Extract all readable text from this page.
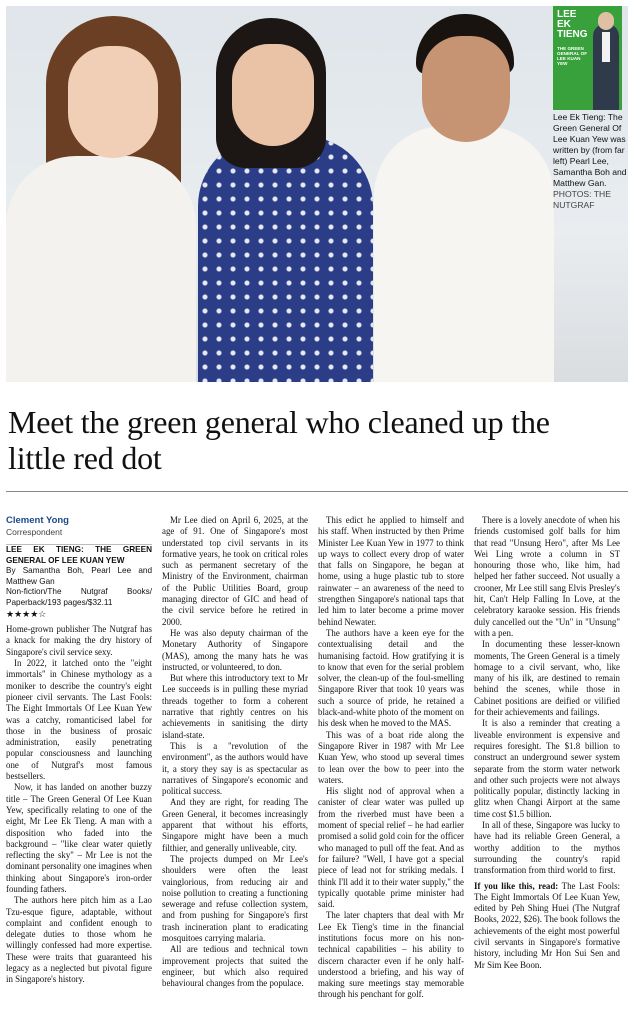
LEE
EK
TIENG
THE GREEN GENERAL OF LEE KUAN YEW
Lee Ek Tieng: The Green General Of Lee Kuan Yew was written by (from far left) Pearl Lee, Samantha Boh and Matthew Gan. PHOTOS: THE NUTGRAF
Meet the green general who cleaned up the little red dot

Clement Yong

Correspondent

LEE EK TIENG: THE GREEN GENERAL OF LEE KUAN YEW

By Samantha Boh, Pearl Lee and Matthew Gan

Non-fiction/The Nutgraf Books/ Paperback/193 pages/$32.11

★★★★☆

Home-grown publisher The Nutgraf has a knack for making the dry history of Singapore's civil service sexy.

In 2022, it latched onto the "eight immortals" in Chinese mythology as a moniker to describe the country's eight pioneer civil servants. The Last Fools: The Eight Immortals Of Lee Kuan Yew was a catchy, romanticised label for those in the business of prosaic administration, easily penetrating popular consciousness and launching one of Nutgraf's most famous bestsellers.

Now, it has landed on another buzzy title – The Green General Of Lee Kuan Yew, specifically relating to one of the eight, Mr Lee Ek Tieng. A man with a disposition who faded into the background – "like clear water quietly reflecting the sky" – Mr Lee is not the dominant personality one imagines when thinking about Singapore's iron-order founding fathers.

The authors here pitch him as a Lao Tzu-esque figure, adaptable, without complaint and confident enough to delegate duties to those whom he willingly confessed had more expertise. These were traits that guaranteed his legacy as a neglected but pivotal figure in Singapore's history.

Mr Lee died on April 6, 2025, at the age of 91. One of Singapore's most understated top civil servants in its formative years, he took on critical roles such as permanent secretary of the Ministry of the Environment, chairman of the Public Utilities Board, group managing director of GIC and head of the civil service before he retired in 2000.

He was also deputy chairman of the Monetary Authority of Singapore (MAS), among the many hats he was instructed, or volunteered, to don.

But where this introductory text to Mr Lee succeeds is in pulling these myriad threads together to form a coherent narrative that rightly centres on his achievements in sanitising the dirty island-state.

This is a "revolution of the environment", as the authors would have it, a story they say is as spectacular as narratives of Singapore's economic and political success.

And they are right, for reading The Green General, it becomes increasingly apparent that without his efforts, Singapore might have been a much filthier, and generally unliveable, city.

The projects dumped on Mr Lee's shoulders were often the least vainglorious, from reducing air and noise pollution to creating a functioning sewerage and refuse collection system, and from pushing for Singapore's first trash incineration plant to eradicating mosquitoes carrying malaria.

All are tedious and technical town improvement projects that suited the engineer, but which also required behavioural changes from the populace.

This edict he applied to himself and his staff. When instructed by then Prime Minister Lee Kuan Yew in 1977 to think up ways to collect every drop of water that falls on Singapore, he began at home, using a huge plastic tub to store rainwater – an awareness of the need to strengthen Singapore's national taps that led him to later become a prime mover behind Newater.

The authors have a keen eye for the contextualising detail and the humanising factoid. How gratifying it is to know that even for the serial problem solver, the clean-up of the foul-smelling Singapore River that took 10 years was such a source of pride, he retained a black-and-white photo of the moment on his desk when he moved to the MAS.

This was of a boat ride along the Singapore River in 1987 with Mr Lee Kuan Yew, who stood up several times to lean over the bow to peer into the waters.

His slight nod of approval when a canister of clear water was pulled up from the riverbed must have been a moment of special relief – he had earlier promised a solid gold coin for the officer who managed to pull off the feat. And as for failure? "Well, I have got a special piece of lead not for striking medals. I think I'll add it to their water supply," the typically quotable prime minister had said.

The later chapters that deal with Mr Lee Ek Tieng's time in the financial institutions focus more on his non-technical capabilities – his ability to discern character even if he only half-understood a briefing, and his way of making sure meetings stay memorable through his penchant for golf.

There is a lovely anecdote of when his friends customised golf balls for him that read "Unsung Hero", after Ms Lee Wei Ling wrote a column in ST honouring those who, like him, had helped her father succeed. Not usually a crooner, Mr Lee still sang Elvis Presley's hit, Can't Help Falling In Love, at the celebratory karaoke session. His friends duly cancelled out the "Un" in "Unsung" with a pen.

In documenting these lesser-known moments, The Green General is a timely homage to a civil servant, who, like many of his ilk, are destined to remain behind the scenes, while those in Cabinet positions are deified or vilified for their achievements and failings.

It is also a reminder that creating a liveable environment is expensive and requires foresight. The $1.8 billion to construct an underground sewer system separate from the storm water network and other such projects were not always politically popular, distinctly lacking in glitz when Changi Airport at the same time cost $1.5 billion.

In all of these, Singapore was lucky to have had its reliable Green General, a worthy addition to the mythos surrounding the country's rapid transformation from third world to first.

If you like this, read: The Last Fools: The Eight Immortals Of Lee Kuan Yew, edited by Peh Shing Huei (The Nutgraf Books, 2022, $26). The book follows the achievements of the eight most powerful civil servants in Singapore's formative history, including Mr Hon Sui Sen and Mr Sim Kee Boon.
